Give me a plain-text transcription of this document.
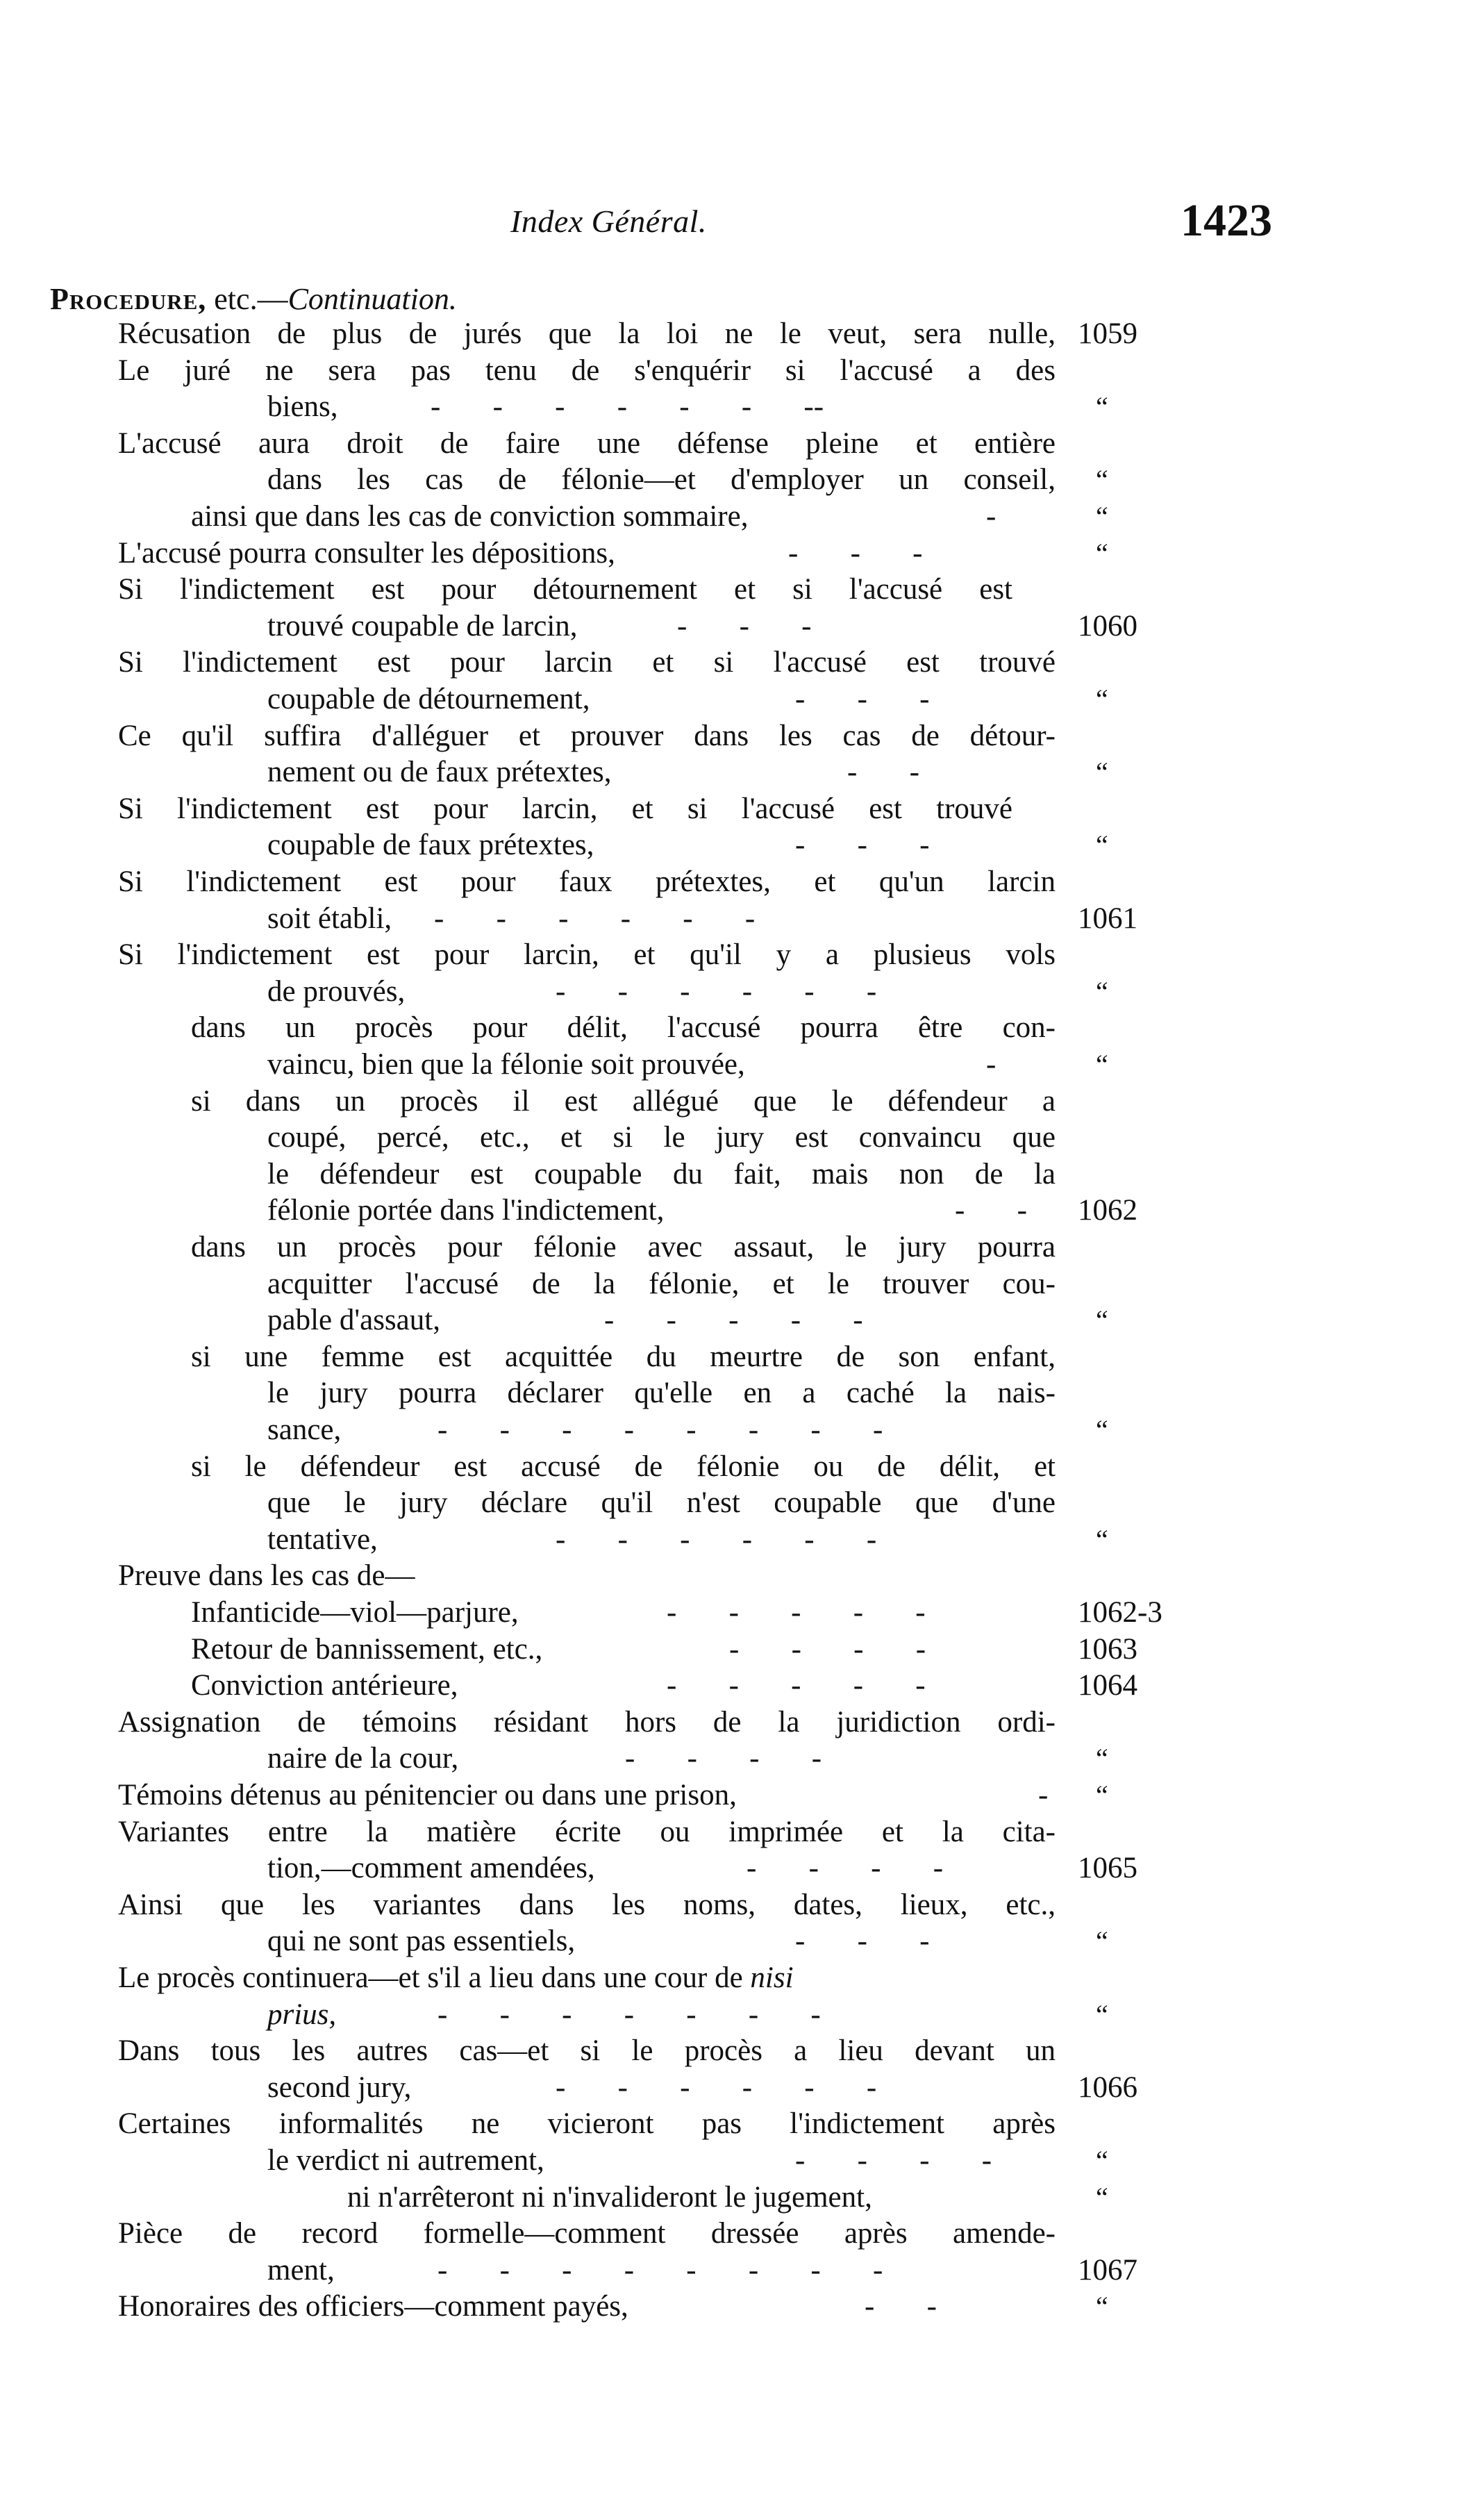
Index Général.	1423
Procedure, etc.—Continuation.
Récusation de plus de jurés que la loi ne le veut, sera nulle, 1059
Le juré ne sera pas tenu de s'enquérir si l'accusé a des
biens,	-       -       -       -       -       -       --	“
L'accusé aura droit de faire une défense pleine et entière
dans les cas de félonie—et d'employer un conseil, “
ainsi que dans les cas de conviction sommaire,	-	“
L'accusé pourra consulter les dépositions,	-       -       -	“
Si l'indictement est pour détournement et si l'accusé est
trouvé coupable de larcin,	-       -       -	1060
Si l'indictement est pour larcin et si l'accusé est trouvé
coupable de détournement,	-       -       -	“
Ce qu'il suffira d'alléguer et prouver dans les cas de détour-
nement ou de faux prétextes,	-       -	“
Si l'indictement est pour larcin, et si l'accusé est trouvé
coupable de faux prétextes,	-       -       -	“
Si l'indictement est pour faux prétextes, et qu'un larcin
soit établi, -       -       -       -       -       -	1061
Si l'indictement est pour larcin, et qu'il y a plusieus vols
de prouvés,	-       -       -       -       -       -	“
dans un procès pour délit, l'accusé pourra être con-
vaincu, bien que la félonie soit prouvée,	-	“
si dans un procès il est allégué que le défendeur a
coupé, percé, etc., et si le jury est convaincu que
le défendeur est coupable du fait, mais non de la
félonie portée dans l'indictement,	-       - 1062
dans un procès pour félonie avec assaut, le jury pourra
acquitter l'accusé de la félonie, et le trouver cou-
pable d'assaut,	-       -       -       -       -	“
si une femme est acquittée du meurtre de son enfant,
le jury pourra déclarer qu'elle en a caché la nais-
sance,	-       -       -       -       -       -       -       -	“
si le défendeur est accusé de félonie ou de délit, et
que le jury déclare qu'il n'est coupable que d'une
tentative,	-       -       -       -       -       -	“
Preuve dans les cas de—
Infanticide—viol—parjure,	-       -       -       -       -	1062-3
Retour de bannissement, etc.,	-       -       -       -	1063
Conviction antérieure,	-       -       -       -       -	1064
Assignation de témoins résidant hors de la juridiction ordi-
naire de la cour,	-       -       -       -	“
Témoins détenus au pénitencier ou dans une prison,	- “
Variantes entre la matière écrite ou imprimée et la cita-
tion,—comment amendées,	-       -       -       -	1065
Ainsi que les variantes dans les noms, dates, lieux, etc.,
qui ne sont pas essentiels,	-       -       -	“
Le procès continuera—et s'il a lieu dans une cour de nisi
prius,	-       -       -       -       -       -       -	“
Dans tous les autres cas—et si le procès a lieu devant un
second jury,	-       -       -       -       -       -	1066
Certaines informalités ne vicieront pas l'indictement après
le verdict ni autrement,	-       -       -       -	“
ni n'arrêteront ni n'invalideront le jugement,	“
Pièce de record formelle—comment dressée après amende-
ment,	-       -       -       -       -       -       -       -	1067
Honoraires des officiers—comment payés,	-       -	“
